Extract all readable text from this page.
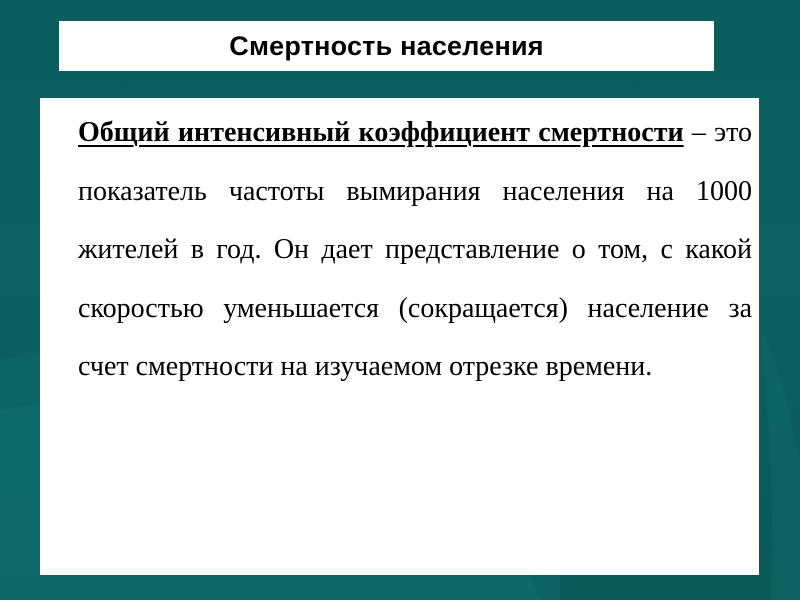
Смертность населения

Общий интенсивный коэффициент смертности – это показатель частоты вымирания населения на 1000 жителей в год. Он дает представление о том, с какой скоростью уменьшается (сокращается) население за счет смертности на изучаемом отрезке времени.
